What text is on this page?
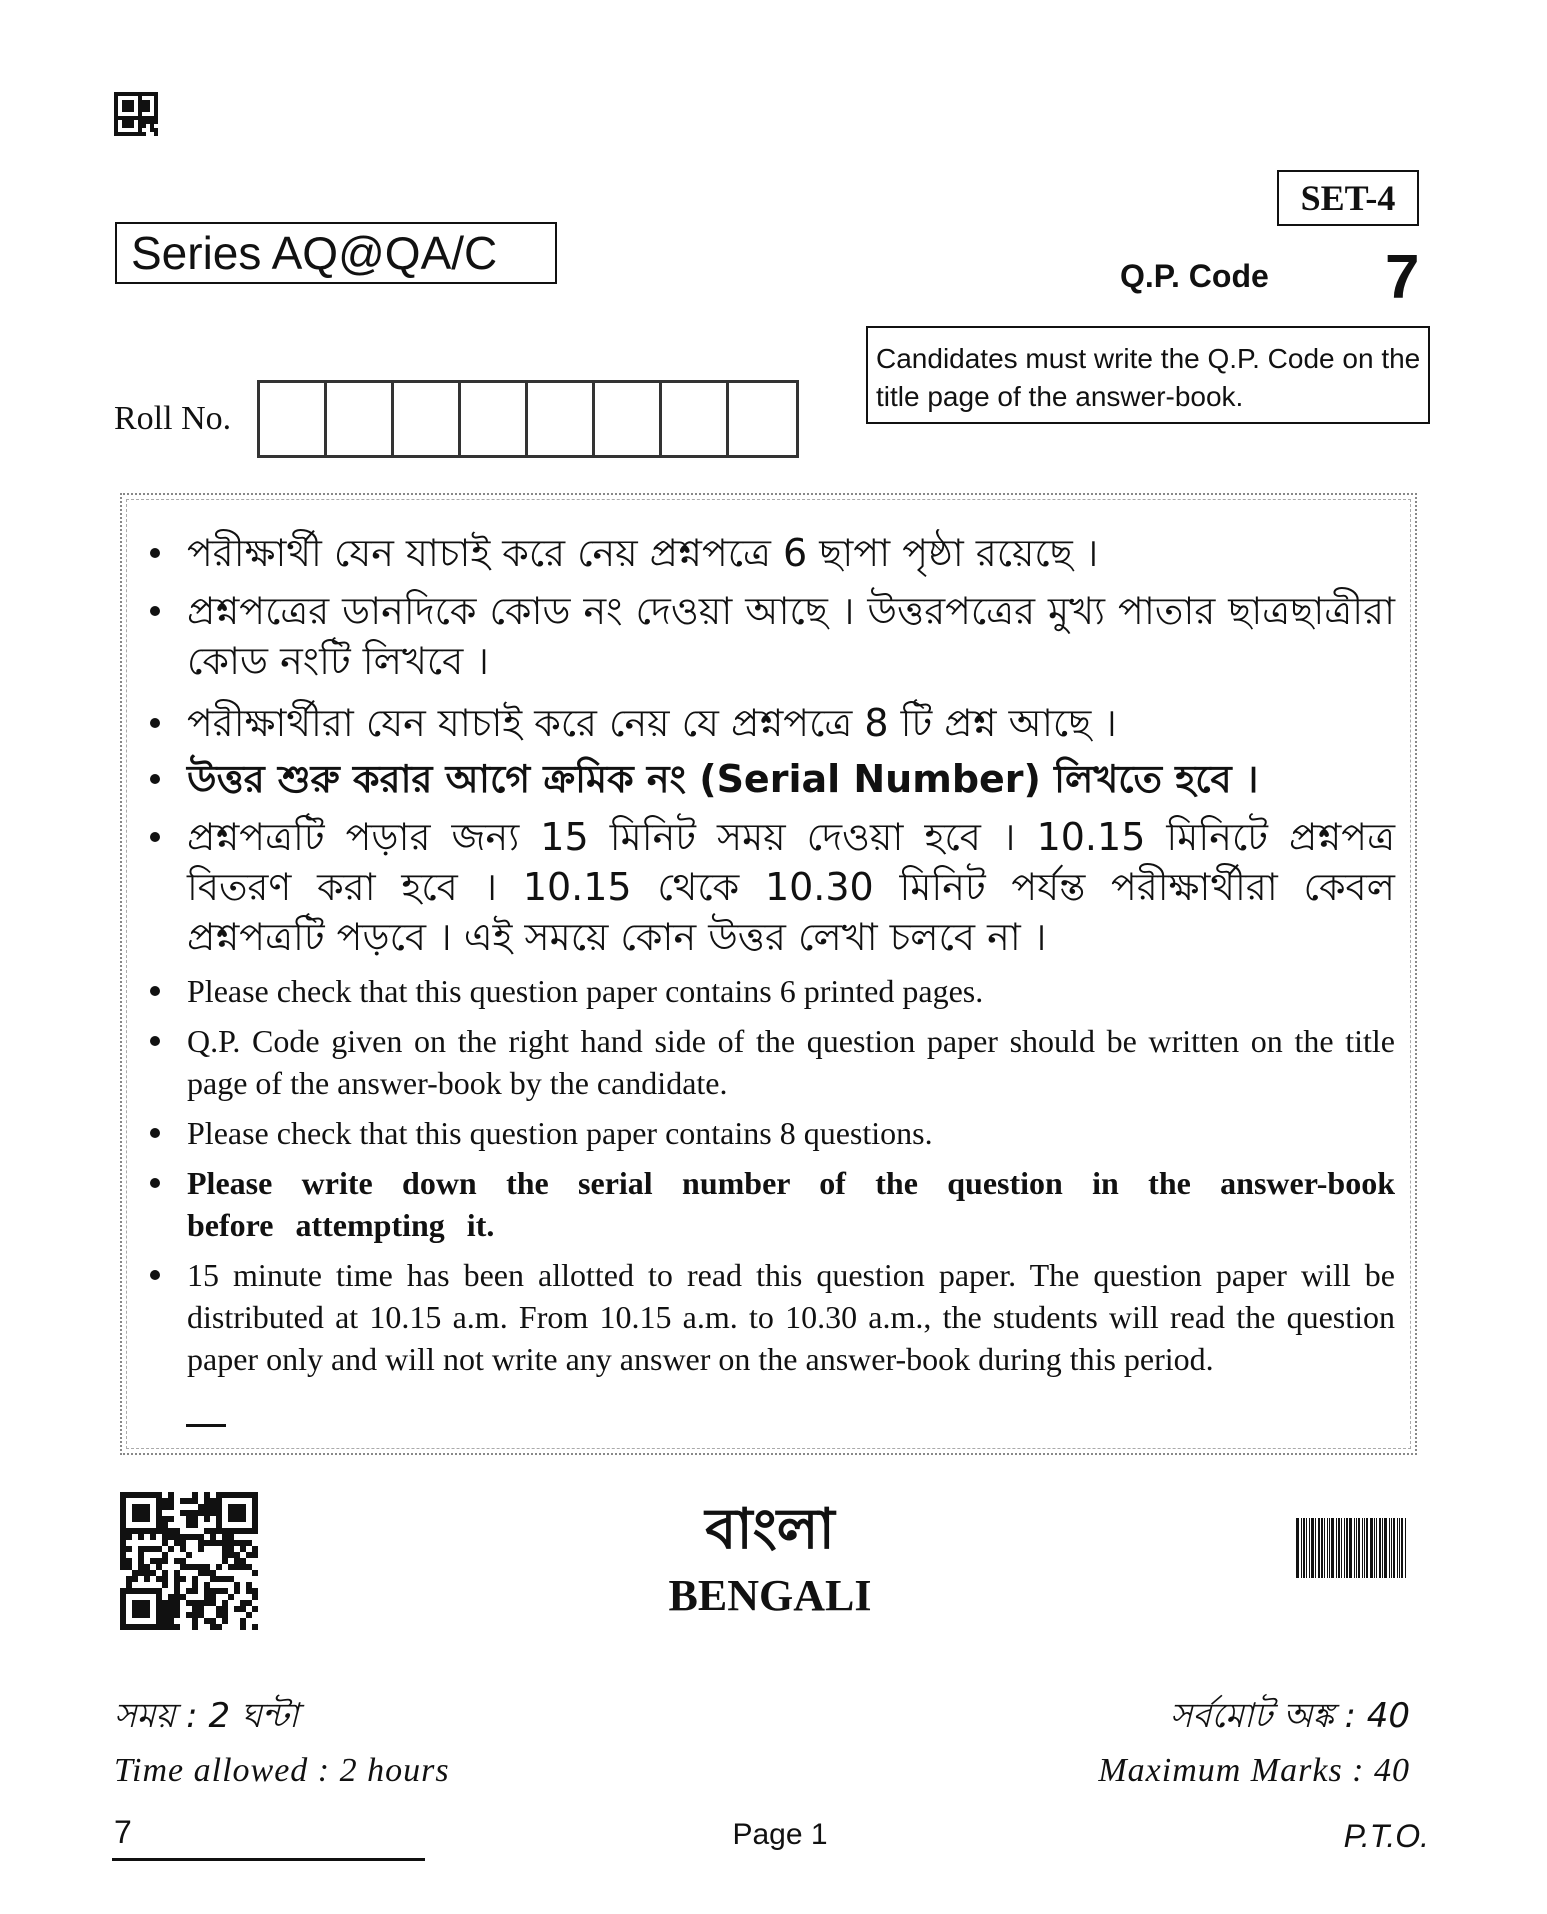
SET-4
Series AQ@QA/C	Q.P. Code 7
Candidates must write the Q.P. Code on the title page of the answer-book.
Roll No.
পরীক্ষার্থী যেন যাচাই করে নেয় প্রশ্নপত্রে 6 ছাপা পৃষ্ঠা রয়েছে ।
প্রশ্নপত্রের ডানদিকে কোড নং দেওয়া আছে । উত্তরপত্রের মুখ্য পাতার ছাত্রছাত্রীরা কোড নংটি লিখবে ।
পরীক্ষার্থীরা যেন যাচাই করে নেয় যে প্রশ্নপত্রে 8 টি প্রশ্ন আছে ।
উত্তর শুরু করার আগে ক্রমিক নং (Serial Number) লিখতে হবে ।
প্রশ্নপত্রটি পড়ার জন্য 15 মিনিট সময় দেওয়া হবে । 10.15 মিনিটে প্রশ্নপত্র বিতরণ করা হবে । 10.15 থেকে 10.30 মিনিট পর্যন্ত পরীক্ষার্থীরা কেবল প্রশ্নপত্রটি পড়বে । এই সময়ে কোন উত্তর লেখা চলবে না ।
Please check that this question paper contains 6 printed pages.
Q.P. Code given on the right hand side of the question paper should be written on the title page of the answer-book by the candidate.
Please check that this question paper contains 8 questions.
Please write down the serial number of the question in the answer-book before attempting it.
15 minute time has been allotted to read this question paper. The question paper will be distributed at 10.15 a.m. From 10.15 a.m. to 10.30 a.m., the students will read the question paper only and will not write any answer on the answer-book during this period.
বাংলা
BENGALI
সময় : 2 ঘন্টা	সর্বমোট অঙ্ক : 40
Time allowed : 2 hours	Maximum Marks : 40
7	Page 1	P.T.O.
